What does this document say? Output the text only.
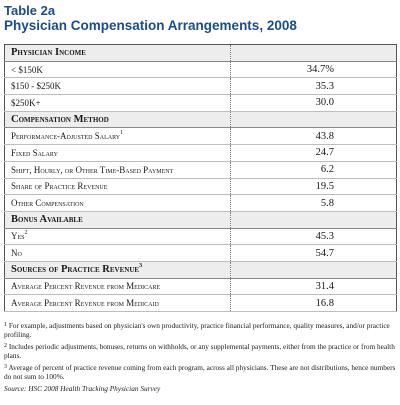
Table 2a
Physician Compensation Arrangements, 2008
Physician Income	
< $150K	34.7%
$150 - $250K	35.3
$250K+	30.0
Compensation Method	
Performance-Adjusted Salary$^1$	43.8
Fixed Salary	24.7
Shift, Hourly, or Other Time-Based Payment	6.2
Share of Practice Revenue	19.5
Other Compensation	5.8
Bonus Available	
Yes$^2$	45.3
No	54.7
Sources of Practice Revenue$^3$	
Average Percent Revenue from Medicare	31.4
Average Percent Revenue from Medicaid	16.8

$^1$ For example, adjustments based on physician's own productivity, practice financial performance, quality measures, and/or practice profiling.

$^2$ Includes periodic adjustments, bonuses, returns on withholds, or any supplemental payments, either from the practice or from health plans.

$^3$ Average of percent of practice revenue coming from each program, across all physicians. These are not distributions, hence numbers do not sum to 100%.

Source: HSC 2008 Health Tracking Physician Survey
